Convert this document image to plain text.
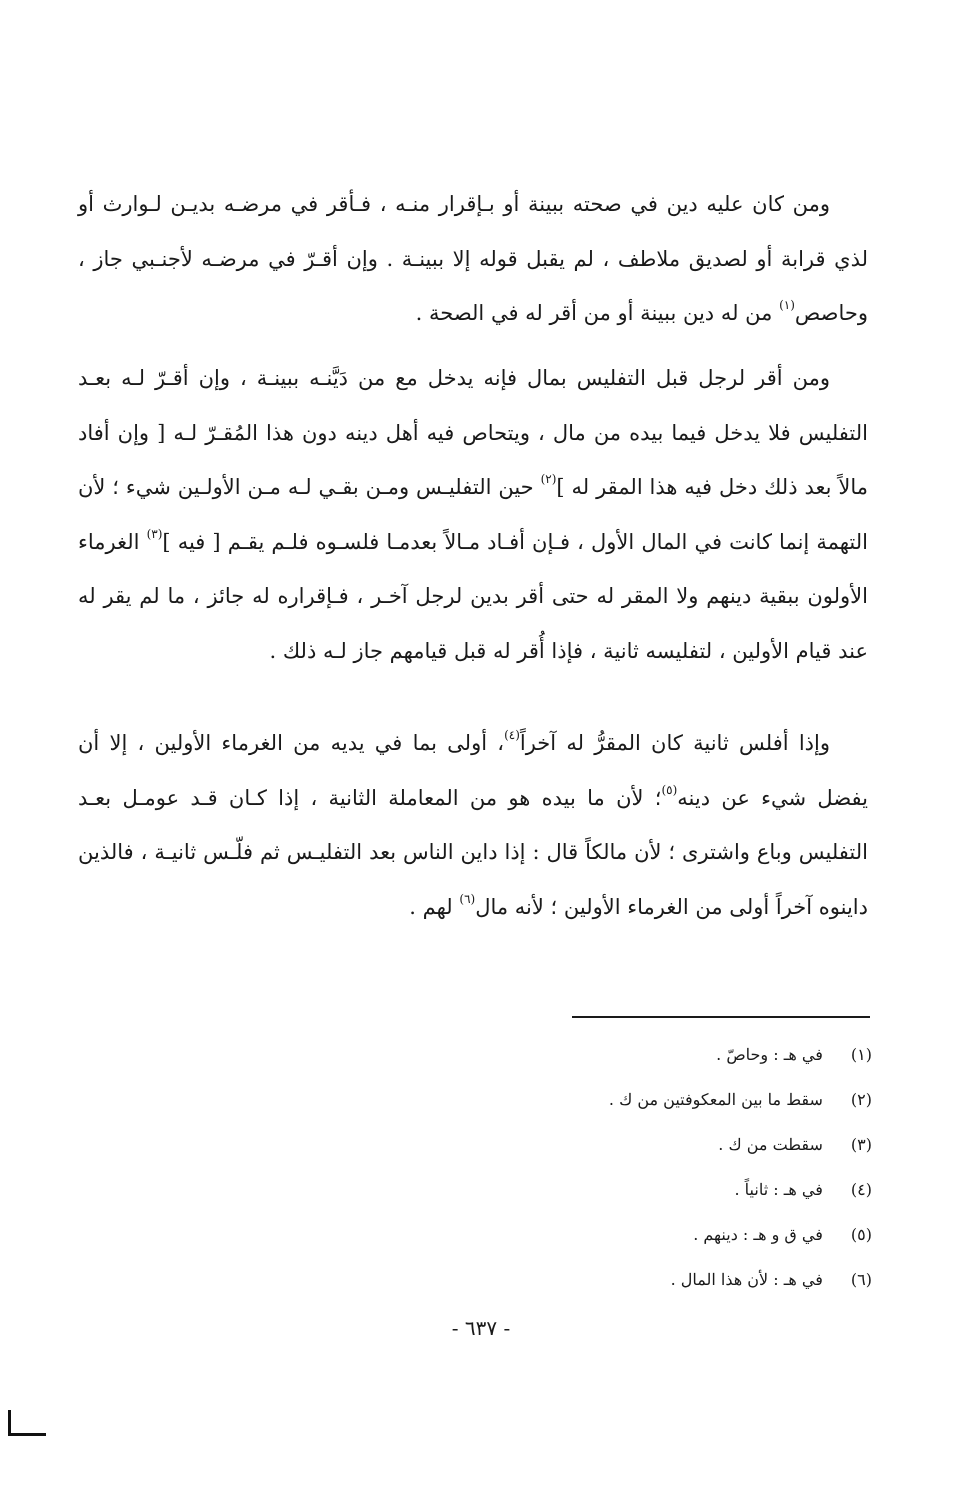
ومن كان عليه دين في صحته ببينة أو بـإقرار منـه ، فـأقر في مرضـه بديـن لـوارث أو لذي قرابة أو لصديق ملاطف ، لم يقبل قوله إلا ببينـة . وإن أقـرّ في مرضـه لأجنـبي جاز ، وحاصص$^{(١)}$ من له دين ببينة أو من أقر له في الصحة .

ومن أقر لرجل قبل التفليس بمال فإنه يدخل مع من دَيَّنـه ببينـة ، وإن أقـرّ لـه بعـد التفليس فلا يدخل فيما بيده من مال ، ويتحاص فيه أهل دينه دون هذا المُقـرّ لـه [ وإن أفاد مالاً بعد ذلك دخل فيه هذا المقر له ]$^{(٢)}$ حين التفليـس ومـن بقـي لـه مـن الأولـين شيء ؛ لأن التهمة إنما كانت في المال الأول ، فـإن أفـاد مـالاً بعدمـا فلسـوه فلـم يقـم [ فيه ]$^{(٣)}$ الغرماء الأولون ببقية دينهم ولا المقر له حتى أقر بدين لرجل آخـر ، فـإقراره له جائز ، ما لم يقر له عند قيام الأولين ، لتفليسه ثانية ، فإذا أُقر له قبل قيامهم جاز لـه ذلك .

وإذا أفلس ثانية كان المقرُّ له آخراً$^{(٤)}$، أولى بما في يديه من الغرماء الأولين ، إلا أن يفضل شيء عن دينه$^{(٥)}$؛ لأن ما بيده هو من المعاملة الثانية ، إذا كـان قـد عومـل بعـد التفليس وباع واشترى ؛ لأن مالكاً قال : إذا داين الناس بعد التفليـس ثم فلّـس ثانيـة ، فالذين داينوه آخراً أولى من الغرماء الأولين ؛ لأنه مال$^{(٦)}$ لهم .

(١) في هـ : وحاصّ .
(٢) سقط ما بين المعكوفتين من ك .
(٣) سقطت من ك .
(٤) في هـ : ثانياً .
(٥) في ق و هـ : دينهم .
(٦) في هـ : لأن هذا المال .
- ٦٣٧ -
